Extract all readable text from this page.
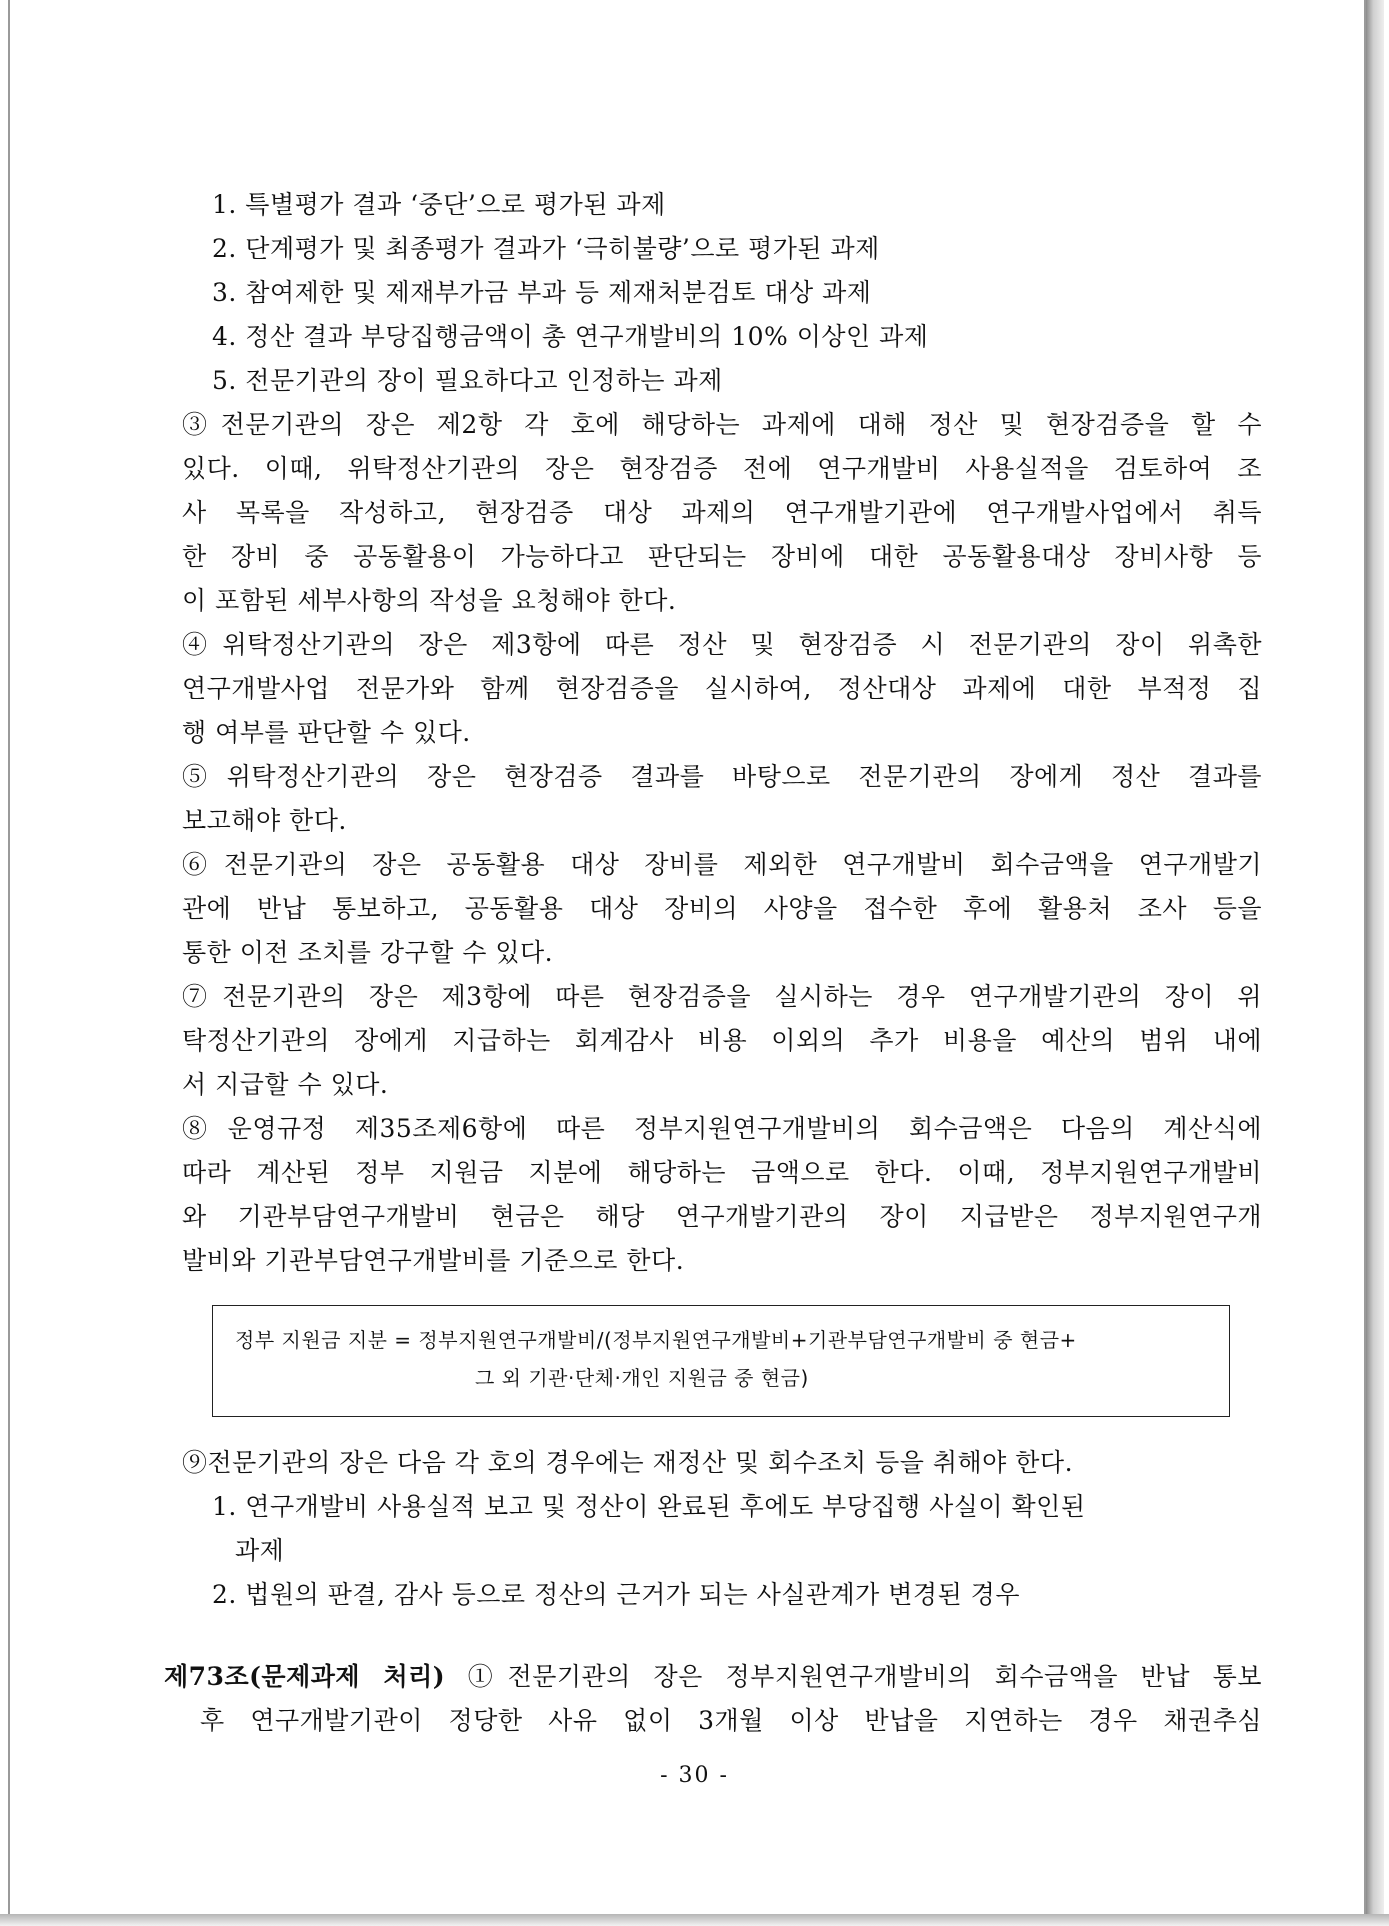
1. 특별평가 결과 ‘중단’으로 평가된 과제
2. 단계평가 및 최종평가 결과가 ‘극히불량’으로 평가된 과제
3. 참여제한 및 제재부가금 부과 등 제재처분검토 대상 과제
4. 정산 결과 부당집행금액이 총 연구개발비의 10% 이상인 과제
5. 전문기관의 장이 필요하다고 인정하는 과제
③전문기관의 장은 제2항 각 호에 해당하는 과제에 대해 정산 및 현장검증을 할 수
있다. 이때, 위탁정산기관의 장은 현장검증 전에 연구개발비 사용실적을 검토하여 조
사 목록을 작성하고, 현장검증 대상 과제의 연구개발기관에 연구개발사업에서 취득
한 장비 중 공동활용이 가능하다고 판단되는 장비에 대한 공동활용대상 장비사항 등
이 포함된 세부사항의 작성을 요청해야 한다.
④위탁정산기관의 장은 제3항에 따른 정산 및 현장검증 시 전문기관의 장이 위촉한
연구개발사업 전문가와 함께 현장검증을 실시하여, 정산대상 과제에 대한 부적정 집
행 여부를 판단할 수 있다.
⑤위탁정산기관의 장은 현장검증 결과를 바탕으로 전문기관의 장에게 정산 결과를
보고해야 한다.
⑥전문기관의 장은 공동활용 대상 장비를 제외한 연구개발비 회수금액을 연구개발기
관에 반납 통보하고, 공동활용 대상 장비의 사양을 접수한 후에 활용처 조사 등을
통한 이전 조치를 강구할 수 있다.
⑦전문기관의 장은 제3항에 따른 현장검증을 실시하는 경우 연구개발기관의 장이 위
탁정산기관의 장에게 지급하는 회계감사 비용 이외의 추가 비용을 예산의 범위 내에
서 지급할 수 있다.
⑧운영규정 제35조제6항에 따른 정부지원연구개발비의 회수금액은 다음의 계산식에
따라 계산된 정부 지원금 지분에 해당하는 금액으로 한다. 이때, 정부지원연구개발비
와 기관부담연구개발비 현금은 해당 연구개발기관의 장이 지급받은 정부지원연구개
발비와 기관부담연구개발비를 기준으로 한다.
정부 지원금 지분 = 정부지원연구개발비/(정부지원연구개발비+기관부담연구개발비 중 현금+
그 외 기관·단체·개인 지원금 중 현금)
⑨전문기관의 장은 다음 각 호의 경우에는 재정산 및 회수조치 등을 취해야 한다.
1. 연구개발비 사용실적 보고 및 정산이 완료된 후에도 부당집행 사실이 확인된
과제
2. 법원의 판결, 감사 등으로 정산의 근거가 되는 사실관계가 변경된 경우
제73조(문제과제 처리) ①전문기관의 장은 정부지원연구개발비의 회수금액을 반납 통보
후 연구개발기관이 정당한 사유 없이 3개월 이상 반납을 지연하는 경우 채권추심
- 30 -
